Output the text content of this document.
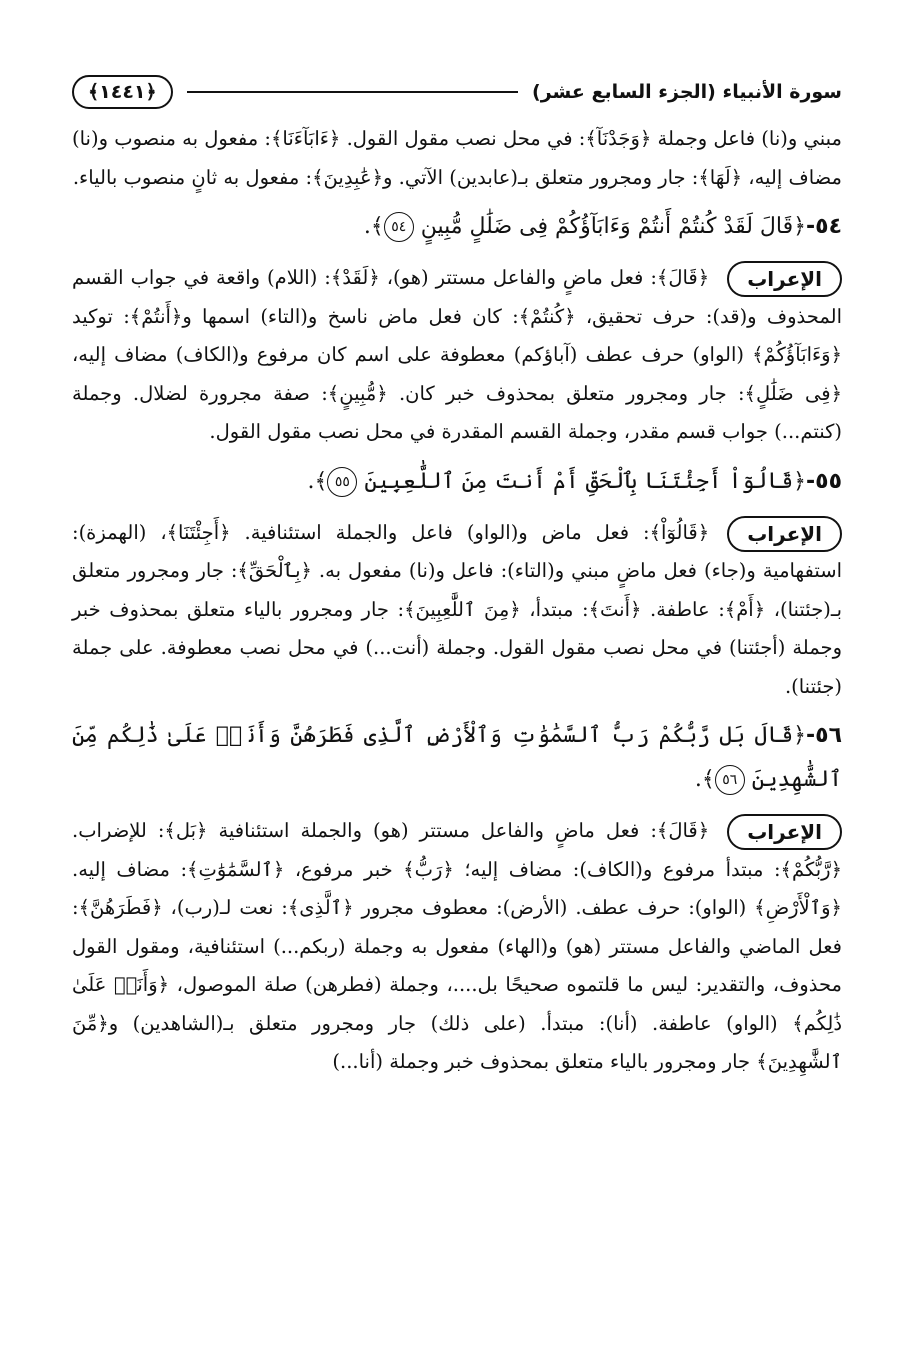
سورة الأنبياء (الجزء السابع عشر)
﴿١٤٤١﴾

مبني و(نا) فاعل وجملة ﴿وَجَدْنَآ﴾: في محل نصب مقول القول. ﴿ءَابَآءَنَا﴾: مفعول به منصوب و(نا) مضاف إليه، ﴿لَهَا﴾: جار ومجرور متعلق بـ(عابدين) الآتي. و﴿عَٰبِدِينَ﴾: مفعول به ثانٍ منصوب بالياء.

٥٤-﴿قَالَ لَقَدْ كُنتُمْ أَنتُمْ وَءَابَآؤُكُمْ فِى ضَلَٰلٍ مُّبِينٍ ٥٤﴾.

الإعراب
﴿قَالَ﴾: فعل ماضٍ والفاعل مستتر (هو)، ﴿لَقَدْ﴾: (اللام) واقعة في جواب القسم المحذوف و(قد): حرف تحقيق، ﴿كُنتُمْ﴾: كان فعل ماض ناسخ و(التاء) اسمها و﴿أَنتُمْ﴾: توكيد ﴿وَءَابَآؤُكُمْ﴾ (الواو) حرف عطف (آباؤكم) معطوفة على اسم كان مرفوع و(الكاف) مضاف إليه، ﴿فِى ضَلَٰلٍ﴾: جار ومجرور متعلق بمحذوف خبر كان. ﴿مُّبِينٍ﴾: صفة مجرورة لضلال. وجملة (كنتم...) جواب قسم مقدر، وجملة القسم المقدرة في محل نصب مقول القول.

٥٥-﴿قَالُوٓاْ أَجِئْتَنَا بِٱلْحَقِّ أَمْ أَنتَ مِنَ ٱللَّٰعِبِينَ ٥٥﴾.

الإعراب
﴿قَالُوٓاْ﴾: فعل ماض و(الواو) فاعل والجملة استئنافية. ﴿أَجِئْتَنَا﴾، (الهمزة): استفهامية و(جاء) فعل ماضٍ مبني و(التاء): فاعل و(نا) مفعول به. ﴿بِٱلْحَقِّ﴾: جار ومجرور متعلق بـ(جئتنا)، ﴿أَمْ﴾: عاطفة. ﴿أَنتَ﴾: مبتدأ، ﴿مِنَ ٱللَّٰعِبِينَ﴾: جار ومجرور بالياء متعلق بمحذوف خبر وجملة (أجئتنا) في محل نصب مقول القول. وجملة (أنت...) في محل نصب معطوفة. على جملة (جئتنا).

٥٦-﴿قَالَ بَل رَّبُّكُمْ رَبُّ ٱلسَّمَٰوَٰتِ وَٱلْأَرْضِ ٱلَّذِى فَطَرَهُنَّ وَأَنَا۠ عَلَىٰ ذَٰلِكُم مِّنَ ٱلشَّٰهِدِينَ ٥٦﴾.

الإعراب
﴿قَالَ﴾: فعل ماضٍ والفاعل مستتر (هو) والجملة استئنافية ﴿بَل﴾: للإضراب. ﴿رَّبُّكُمْ﴾: مبتدأ مرفوع و(الكاف): مضاف إليه؛ ﴿رَبُّ﴾ خبر مرفوع، ﴿ٱلسَّمَٰوَٰتِ﴾: مضاف إليه. ﴿وَٱلْأَرْضِ﴾ (الواو): حرف عطف. (الأرض): معطوف مجرور ﴿ٱلَّذِى﴾: نعت لـ(رب)، ﴿فَطَرَهُنَّ﴾: فعل الماضي والفاعل مستتر (هو) و(الهاء) مفعول به وجملة (ربكم...) استئنافية، ومقول القول محذوف، والتقدير: ليس ما قلتموه صحيحًا بل....، وجملة (فطرهن) صلة الموصول، ﴿وَأَنَا۠ عَلَىٰ ذَٰلِكُم﴾ (الواو) عاطفة. (أنا): مبتدأ. (على ذلك) جار ومجرور متعلق بـ(الشاهدين) و﴿مِّنَ ٱلشَّٰهِدِينَ﴾ جار ومجرور بالياء متعلق بمحذوف خبر وجملة (أنا...)
